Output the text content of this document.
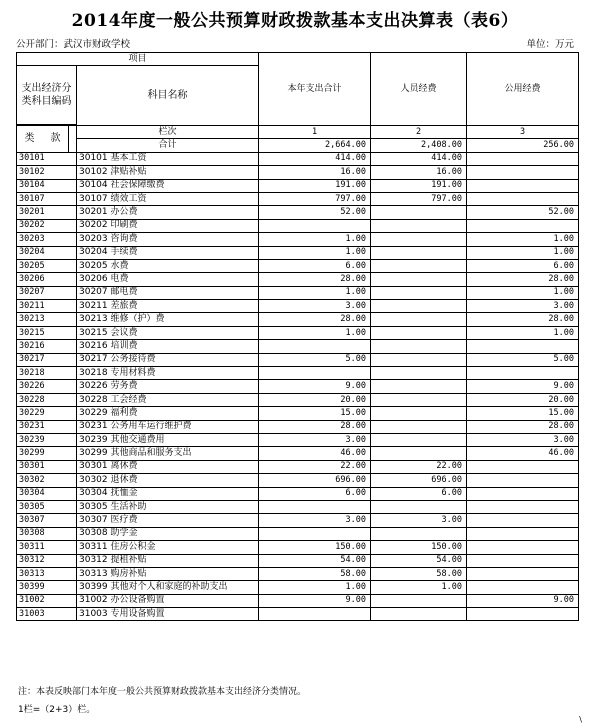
2014年度一般公共预算财政拨款基本支出决算表（表6）
公开部门：武汉市财政学校	单位：万元
项目			本年支出合计	人员经费	公用经费
支出经济分类科目编码		科目名称			

类 款		栏次	1	2	3
		合计	2,664.00	2,408.00	256.00
30101		30101 基本工资	414.00	414.00	
30102		30102 津贴补贴	16.00	16.00	
30104		30104 社会保障缴费	191.00	191.00	
30107		30107 绩效工资	797.00	797.00	
30201		30201 办公费	52.00		52.00
30202		30202 印刷费			
30203		30203 咨询费	1.00		1.00
30204		30204 手续费	1.00		1.00
30205		30205 水费	6.00		6.00
30206		30206 电费	28.00		28.00
30207		30207 邮电费	1.00		1.00
30211		30211 差旅费	3.00		3.00
30213		30213 维修（护）费	28.00		28.00
30215		30215 会议费	1.00		1.00
30216		30216 培训费			
30217		30217 公务接待费	5.00		5.00
30218		30218 专用材料费			
30226		30226 劳务费	9.00		9.00
30228		30228 工会经费	20.00		20.00
30229		30229 福利费	15.00		15.00
30231		30231 公务用车运行维护费	28.00		28.00
30239		30239 其他交通费用	3.00		3.00
30299		30299 其他商品和服务支出	46.00		46.00
30301		30301 离休费	22.00	22.00	
30302		30302 退休费	696.00	696.00	
30304		30304 抚恤金	6.00	6.00	
30305		30305 生活补助			
30307		30307 医疗费	3.00	3.00	
30308		30308 助学金			
30311		30311 住房公积金	150.00	150.00	
30312		30312 提租补贴	54.00	54.00	
30313		30313 购房补贴	58.00	58.00	
30399		30399 其他对个人和家庭的补助支出	1.00	1.00	
31002		31002 办公设备购置	9.00		9.00
31003		31003 专用设备购置			
注：本表反映部门本年度一般公共预算财政拨款基本支出经济分类情况。
1栏=（2+3）栏。
\
